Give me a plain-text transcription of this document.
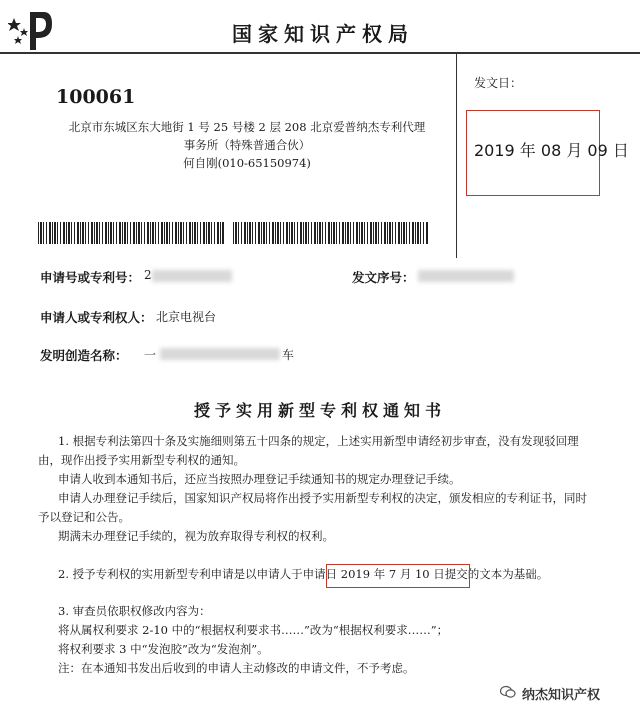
国家知识产权局
100061
北京市东城区东大地街 1 号 25 号楼 2 层 208 北京爱普纳杰专利代理
事务所（特殊普通合伙）
何自刚(010-65150974)
发文日：
2019 年 08 月 09 日
申请号或专利号： 2	发文序号：
申请人或专利权人： 北京电视台
发明创造名称： 一	车
授予实用新型专利权通知书
1. 根据专利法第四十条及实施细则第五十四条的规定，上述实用新型申请经初步审查，没有发现驳回理
由，现作出授予实用新型专利权的通知。
申请人收到本通知书后，还应当按照办理登记手续通知书的规定办理登记手续。
申请人办理登记手续后，国家知识产权局将作出授予实用新型专利权的决定，颁发相应的专利证书，同时
予以登记和公告。
期满未办理登记手续的，视为放弃取得专利权的权利。
2. 授予专利权的实用新型专利申请是以申请人于申请日 2019 年 7 月 10 日提交的文本为基础。
3. 审查员依职权修改内容为：
将从属权利要求 2-10 中的“根据权利要求书……”改为“根据权利要求……”；
将权利要求 3 中“发泡胶”改为“发泡剂”。
注：在本通知书发出后收到的申请人主动修改的申请文件，不予考虑。
纳杰知识产权
